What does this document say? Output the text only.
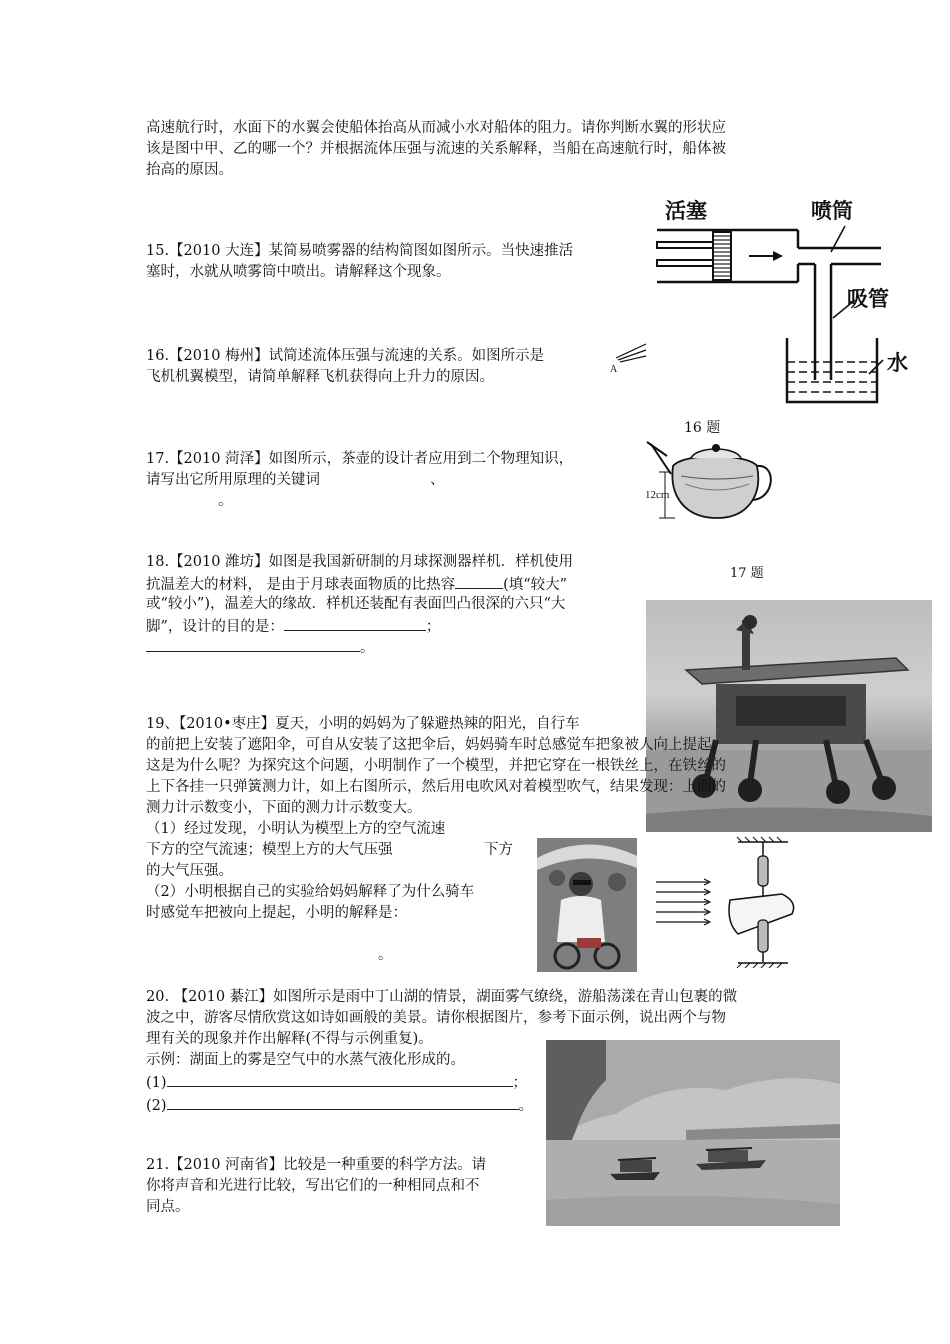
高速航行时，水面下的水翼会使船体抬高从而减小水对船体的阻力。请你判断水翼的形状应
该是图中甲、乙的哪一个？并根据流体压强与流速的关系解释，当船在高速航行时，船体被
抬高的原因。
15.【2010 大连】某简易喷雾器的结构简图如图所示。当快速推活
塞时，水就从喷雾筒中喷出。请解释这个现象。
活塞	喷筒
吸管
水
16.【2010 梅州】试简述流体压强与流速的关系。如图所示是
飞机机翼模型，请简单解释飞机获得向上升力的原因。	A
16 题
17.【2010 菏泽】如图所示，茶壶的设计者应用到二个物理知识，
请写出它所用原理的关键词	、
。	12cm
17 题
18.【2010 潍坊】如图是我国新研制的月球探测器样机．样机使用
抗温差大的材料， 是由于月球表面物质的比热容	(填“较大”
或“较小”)，温差大的缘故．样机还装配有表面凹凸很深的六只“大
脚”，设计的目的是：	；
。
19、【2010•枣庄】夏天，小明的妈妈为了躲避热辣的阳光，自行车
的前把上安装了遮阳伞，可自从安装了这把伞后，妈妈骑车时总感觉车把象被人向上提起，
这是为什么呢？为探究这个问题，小明制作了一个模型，并把它穿在一根铁丝上，在铁丝的
上下各挂一只弹簧测力计，如上右图所示，然后用电吹风对着模型吹气，结果发现：上面的
测力计示数变小，下面的测力计示数变大。
（1）经过发现，小明认为模型上方的空气流速
下方的空气流速；模型上方的大气压强	下方
的大气压强。
（2）小明根据自己的实验给妈妈解释了为什么骑车
时感觉车把被向上提起，小明的解释是：
。
20. 【2010 綦江】如图所示是雨中丁山湖的情景，湖面雾气缭绕，游船荡漾在青山包裹的微
波之中，游客尽情欣赏这如诗如画般的美景。请你根据图片，参考下面示例，说出两个与物
理有关的现象并作出解释(不得与示例重复)。
示例：湖面上的雾是空气中的水蒸气液化形成的。
(1)	；
(2)	。
21.【2010 河南省】比较是一种重要的科学方法。请
你将声音和光进行比较，写出它们的一种相同点和不
同点。
